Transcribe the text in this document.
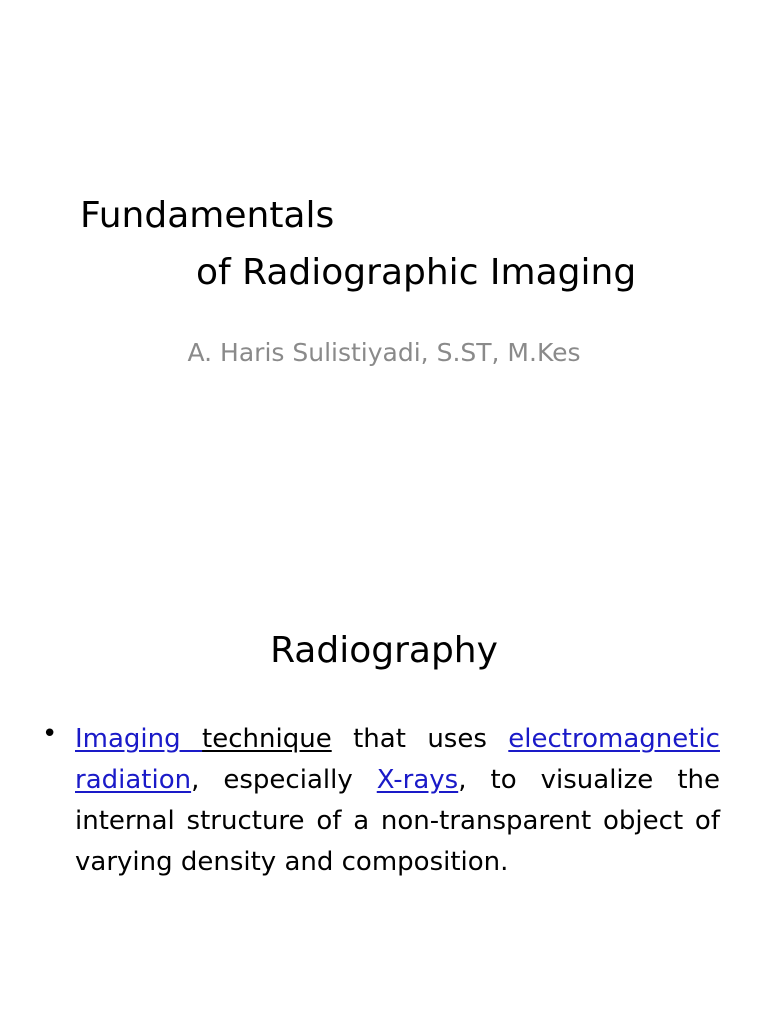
Fundamentals
of Radiographic Imaging
A. Haris Sulistiyadi, S.ST, M.Kes
Radiography
• Imaging technique that uses electromagnetic radiation, especially X-rays, to visualize the internal structure of a non-transparent object of varying density and composition.
